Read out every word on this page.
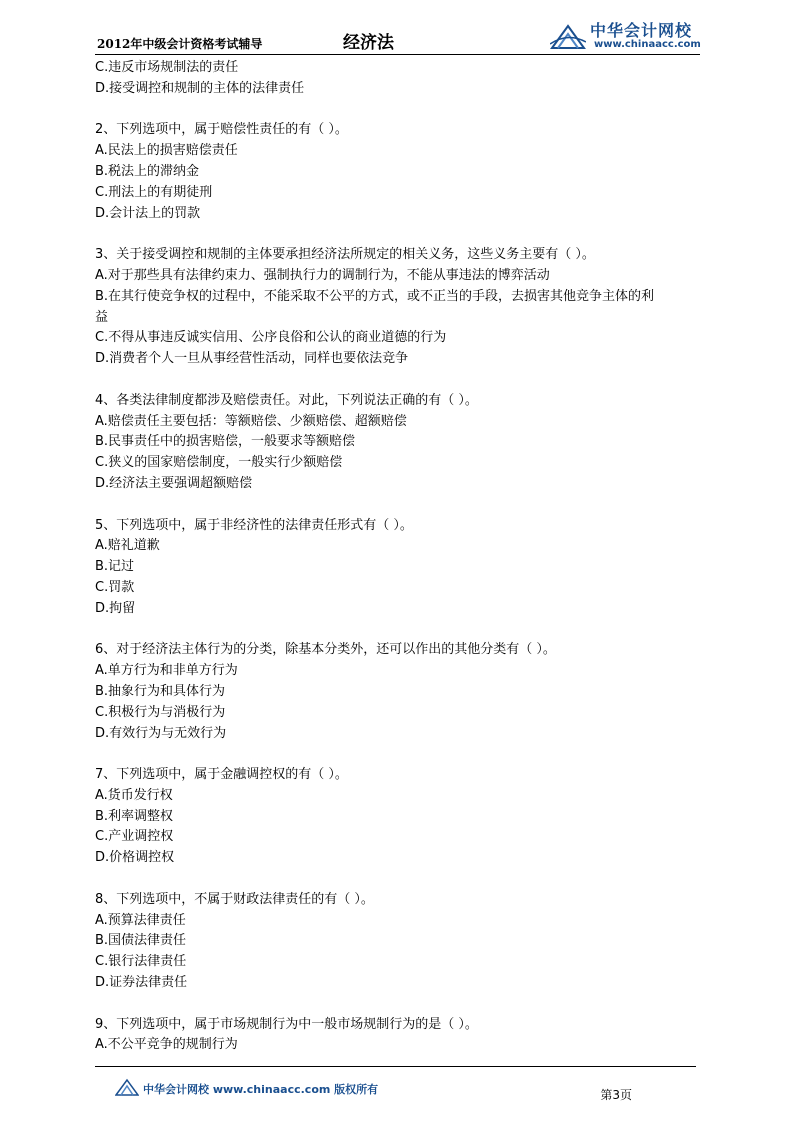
2012年中级会计资格考试辅导	经济法
中华会计网校
www.chinaacc.com
C.违反市场规制法的责任
D.接受调控和规制的主体的法律责任
2、下列选项中，属于赔偿性责任的有（ ）。
A.民法上的损害赔偿责任
B.税法上的滞纳金
C.刑法上的有期徒刑
D.会计法上的罚款
3、关于接受调控和规制的主体要承担经济法所规定的相关义务，这些义务主要有（ ）。
A.对于那些具有法律约束力、强制执行力的调制行为，不能从事违法的博弈活动
B.在其行使竞争权的过程中，不能采取不公平的方式，或不正当的手段，去损害其他竞争主体的利
益
C.不得从事违反诚实信用、公序良俗和公认的商业道德的行为
D.消费者个人一旦从事经营性活动，同样也要依法竞争
4、各类法律制度都涉及赔偿责任。对此，下列说法正确的有（ ）。
A.赔偿责任主要包括：等额赔偿、少额赔偿、超额赔偿
B.民事责任中的损害赔偿，一般要求等额赔偿
C.狭义的国家赔偿制度，一般实行少额赔偿
D.经济法主要强调超额赔偿
5、下列选项中，属于非经济性的法律责任形式有（ ）。
A.赔礼道歉
B.记过
C.罚款
D.拘留
6、对于经济法主体行为的分类，除基本分类外，还可以作出的其他分类有（ ）。
A.单方行为和非单方行为
B.抽象行为和具体行为
C.积极行为与消极行为
D.有效行为与无效行为
7、下列选项中，属于金融调控权的有（ ）。
A.货币发行权
B.利率调整权
C.产业调控权
D.价格调控权
8、下列选项中，不属于财政法律责任的有（ ）。
A.预算法律责任
B.国债法律责任
C.银行法律责任
D.证券法律责任
9、下列选项中，属于市场规制行为中一般市场规制行为的是（ ）。
A.不公平竞争的规制行为
中华会计网校 www.chinaacc.com 版权所有	第3页
